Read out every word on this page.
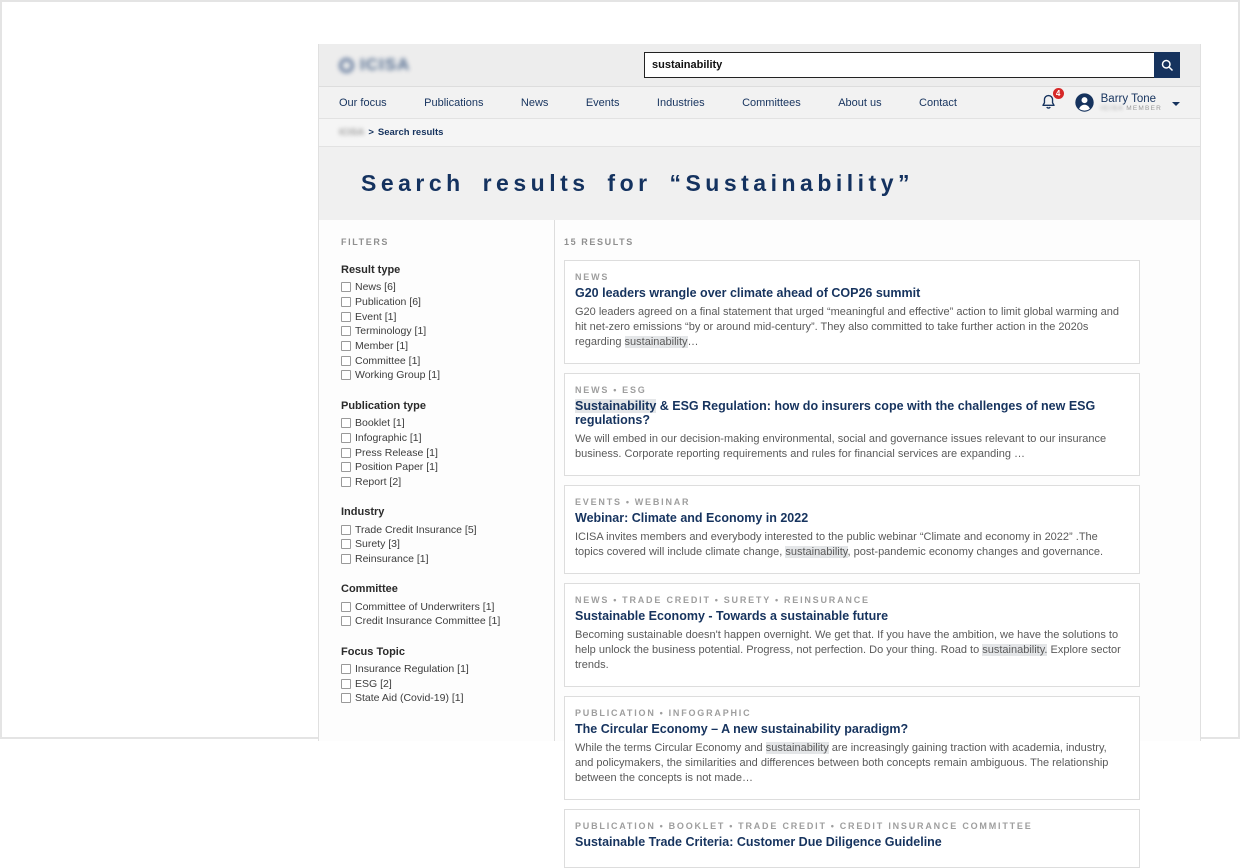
ICISA
sustainability
Our focus	Publications	News	Events	Industries	Committees	About us	Contact
4	Barry Tone
ICISA MEMBER
ICISA > Search results
Search results for “Sustainability”
FILTERS
Result type
News [6]
Publication [6]
Event [1]
Terminology [1]
Member [1]
Committee [1]
Working Group [1]
Publication type
Booklet [1]
Infographic [1]
Press Release [1]
Position Paper [1]
Report [2]
Industry
Trade Credit Insurance [5]
Surety [3]
Reinsurance [1]
Committee
Committee of Underwriters [1]
Credit Insurance Committee [1]
Focus Topic
Insurance Regulation [1]
ESG [2]
State Aid (Covid-19) [1]
15 RESULTS
NEWS
G20 leaders wrangle over climate ahead of COP26 summit

G20 leaders agreed on a final statement that urged “meaningful and effective” action to limit global warming and hit net-zero emissions “by or around mid-century”. They also committed to take further action in the 2020s regarding sustainability…

NEWS • ESG
Sustainability & ESG Regulation: how do insurers cope with the challenges of new ESG regulations?

We will embed in our decision-making environmental, social and governance issues relevant to our insurance business. Corporate reporting requirements and rules for financial services are expanding …

EVENTS • WEBINAR
Webinar: Climate and Economy in 2022

ICISA invites members and everybody interested to the public webinar “Climate and economy in 2022” .The topics covered will include climate change, sustainability, post-pandemic economy changes and governance.

NEWS • TRADE CREDIT • SURETY • REINSURANCE
Sustainable Economy - Towards a sustainable future

Becoming sustainable doesn't happen overnight. We get that. If you have the ambition, we have the solutions to help unlock the business potential. Progress, not perfection. Do your thing. Road to sustainability. Explore sector trends.

PUBLICATION • INFOGRAPHIC
The Circular Economy – A new sustainability paradigm?

While the terms Circular Economy and sustainability are increasingly gaining traction with academia, industry, and policymakers, the similarities and differences between both concepts remain ambiguous. The relationship between the concepts is not made…

PUBLICATION • BOOKLET • TRADE CREDIT • CREDIT INSURANCE COMMITTEE
Sustainable Trade Criteria: Customer Due Diligence Guideline
